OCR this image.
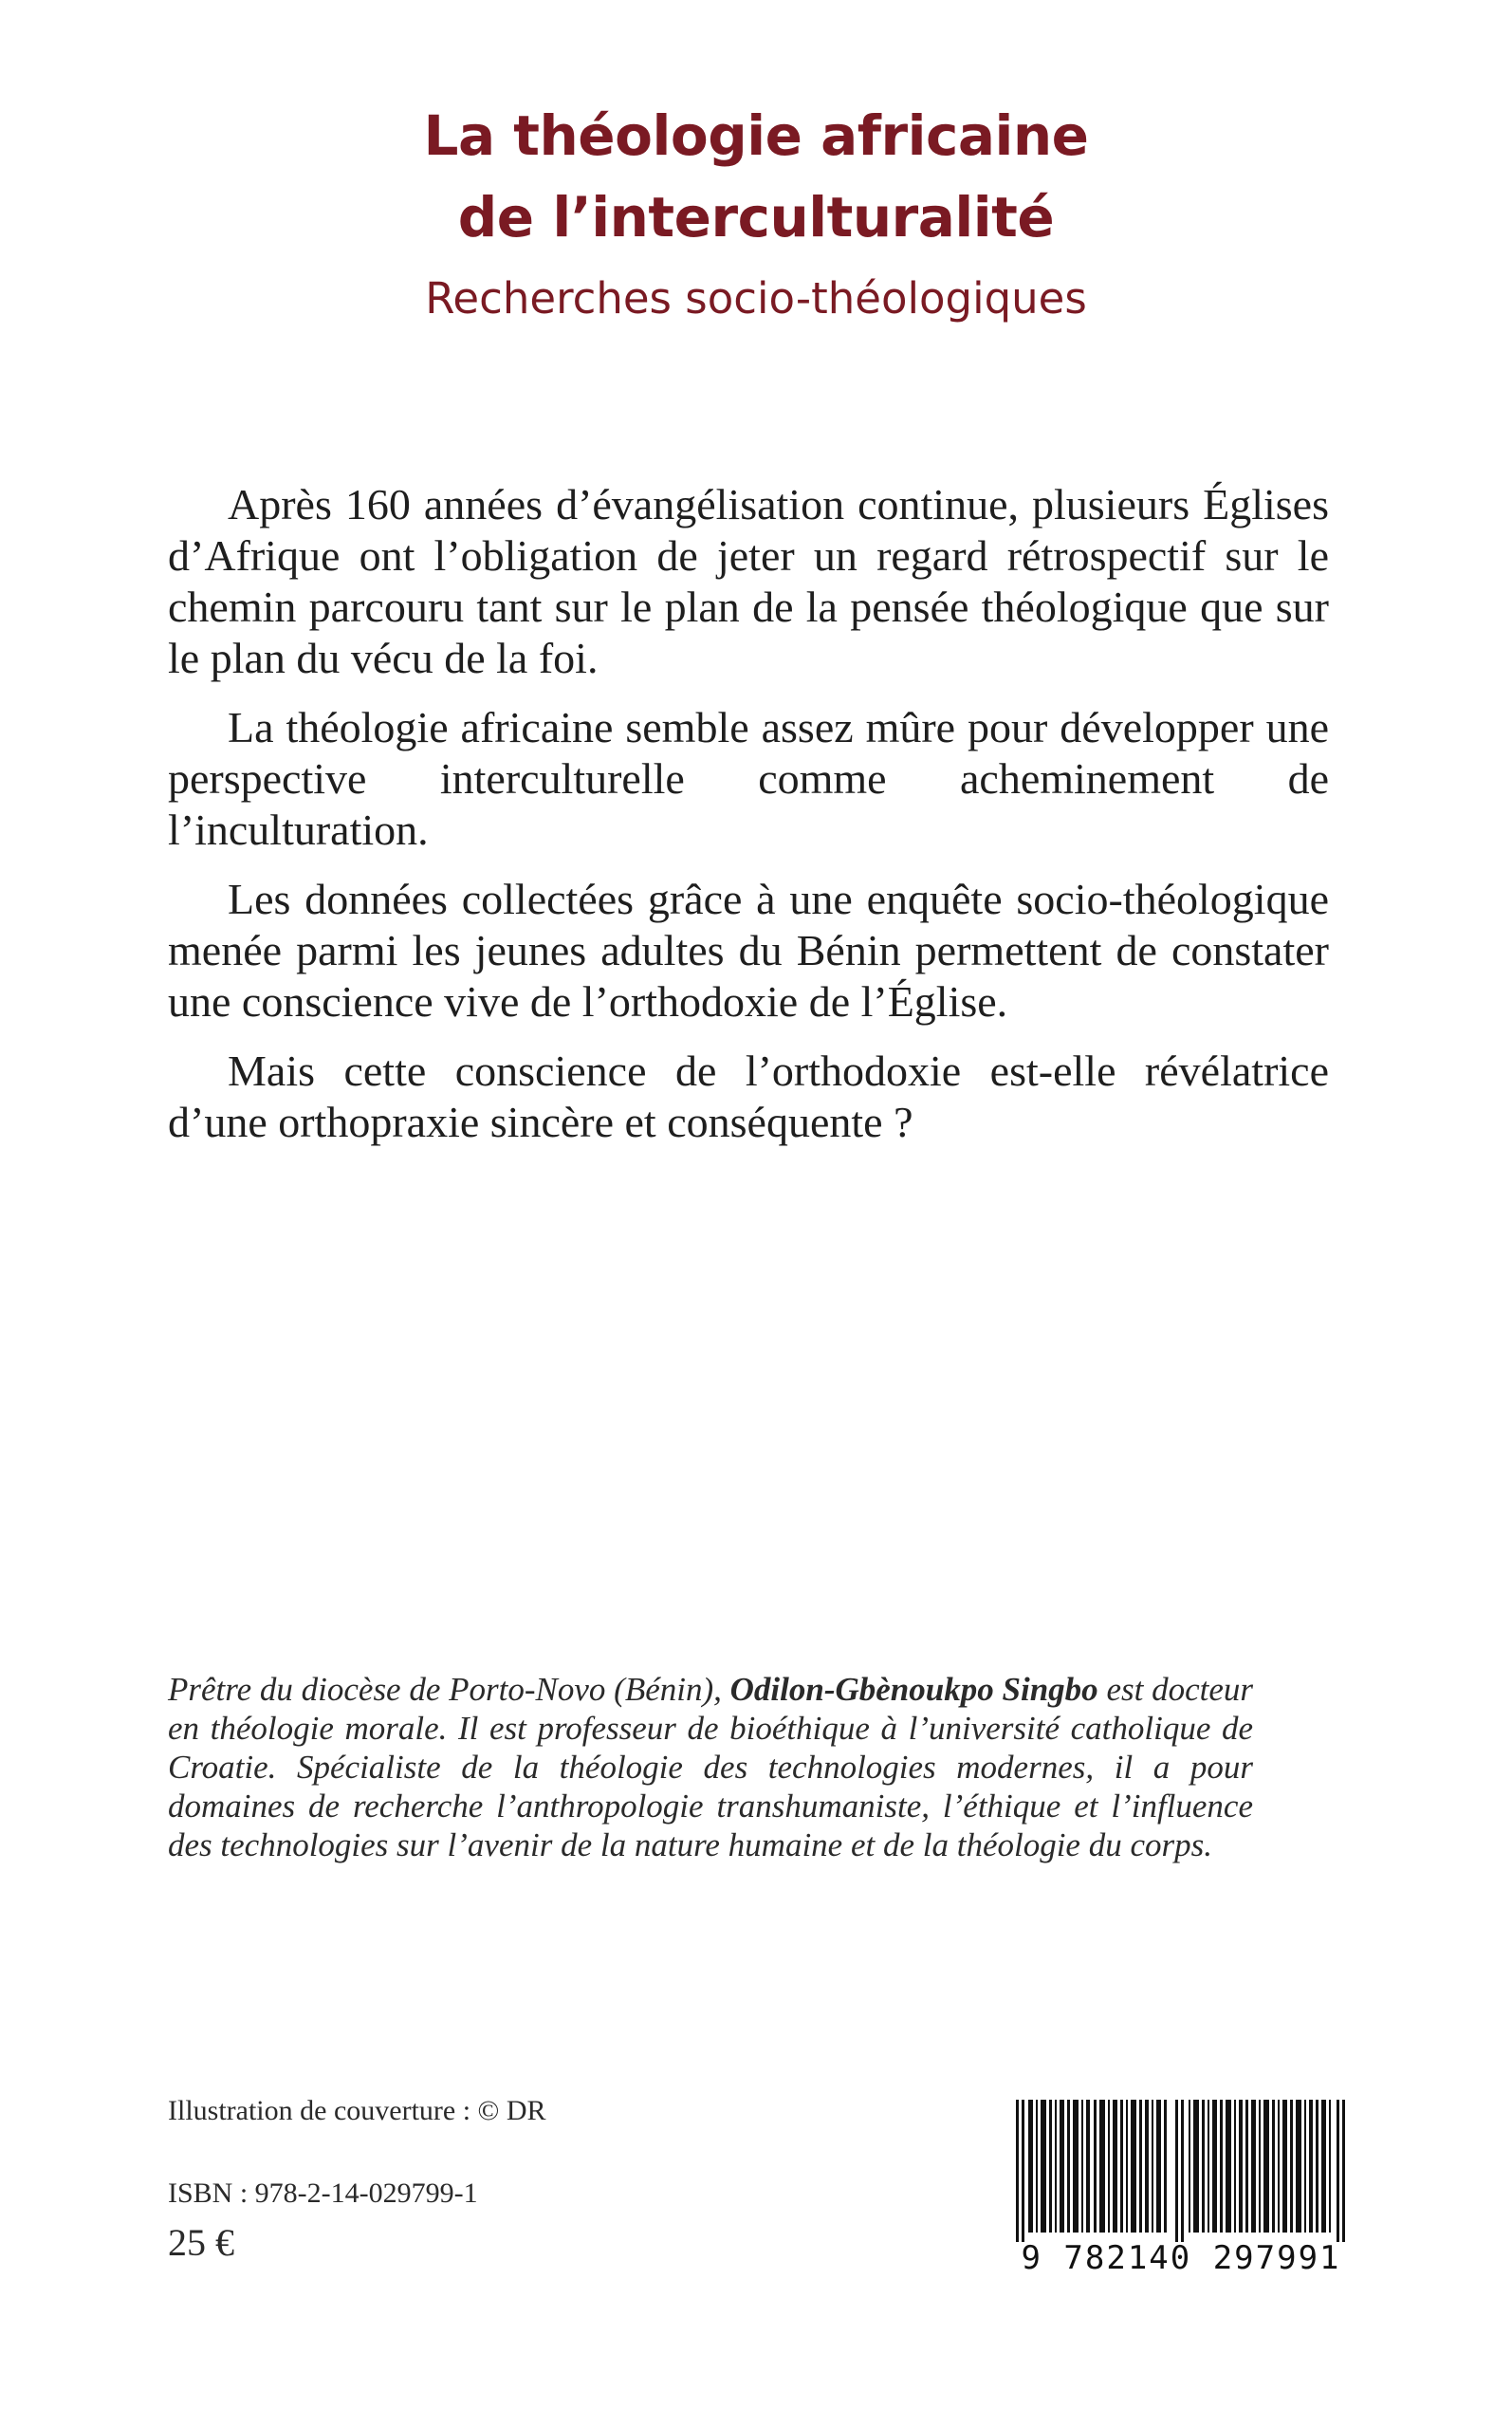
La théologie africaine
de l’interculturalité
Recherches socio-théologiques

Après 160 années d’évangélisation continue, plusieurs Églises d’Afrique ont l’obligation de jeter un regard rétrospectif sur le chemin parcouru tant sur le plan de la pensée théologique que sur le plan du vécu de la foi.

La théologie africaine semble assez mûre pour développer une perspective interculturelle comme acheminement de l’inculturation.

Les données collectées grâce à une enquête socio-théologique menée parmi les jeunes adultes du Bénin permettent de constater une conscience vive de l’orthodoxie de l’Église.

Mais cette conscience de l’orthodoxie est-elle révélatrice d’une orthopraxie sincère et conséquente ?

Prêtre du diocèse de Porto-Novo (Bénin), Odilon-Gbènoukpo Singbo est docteur en théologie morale. Il est professeur de bioéthique à l’université catholique de Croatie. Spécialiste de la théologie des technologies modernes, il a pour domaines de recherche l’anthropologie transhumaniste, l’éthique et l’influence des technologies sur l’avenir de la nature humaine et de la théologie du corps.
Illustration de couverture : © DR
ISBN : 978-2-14-029799-1
25 €	9 782140 297991
